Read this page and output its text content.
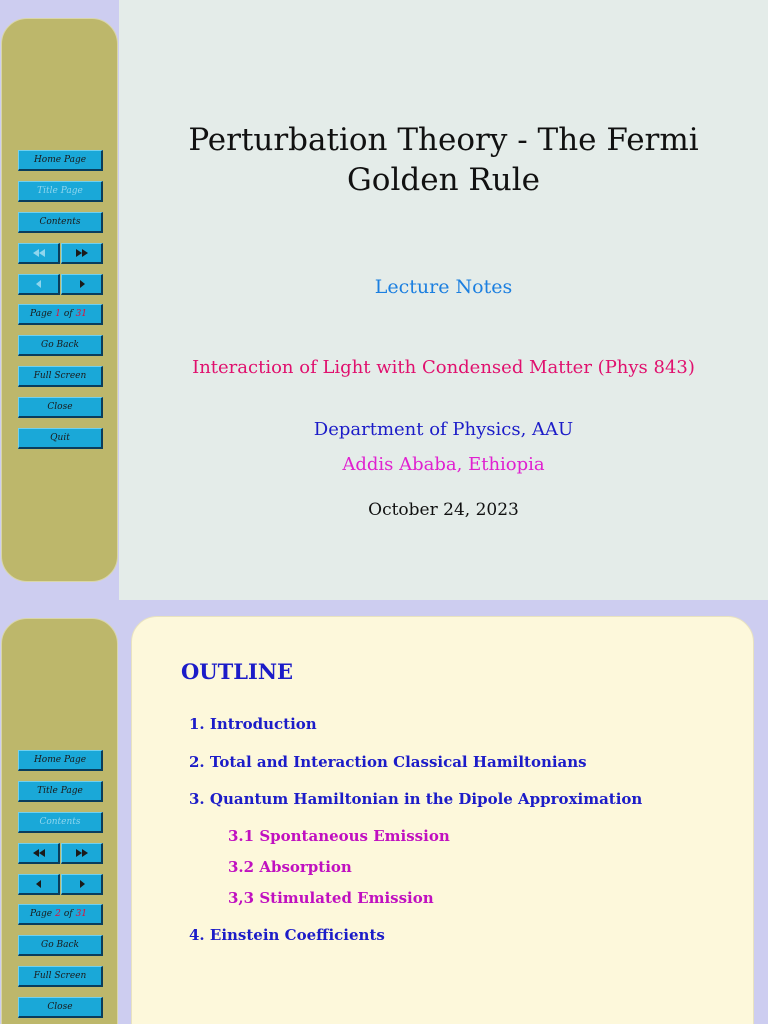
Home Page
Title Page
Contents
Page 1 of 31
Go Back
Full Screen
Close
Quit
Perturbation Theory - The Fermi Golden Rule
Lecture Notes
Interaction of Light with Condensed Matter (Phys 843)
Department of Physics, AAU
Addis Ababa, Ethiopia
October 24, 2023
Home Page
Title Page
Contents
Page 2 of 31
Go Back
Full Screen
Close
OUTLINE
1. Introduction
2. Total and Interaction Classical Hamiltonians
3. Quantum Hamiltonian in the Dipole Approximation
3.1 Spontaneous Emission
3.2 Absorption
3,3 Stimulated Emission
4. Einstein Coefficients
